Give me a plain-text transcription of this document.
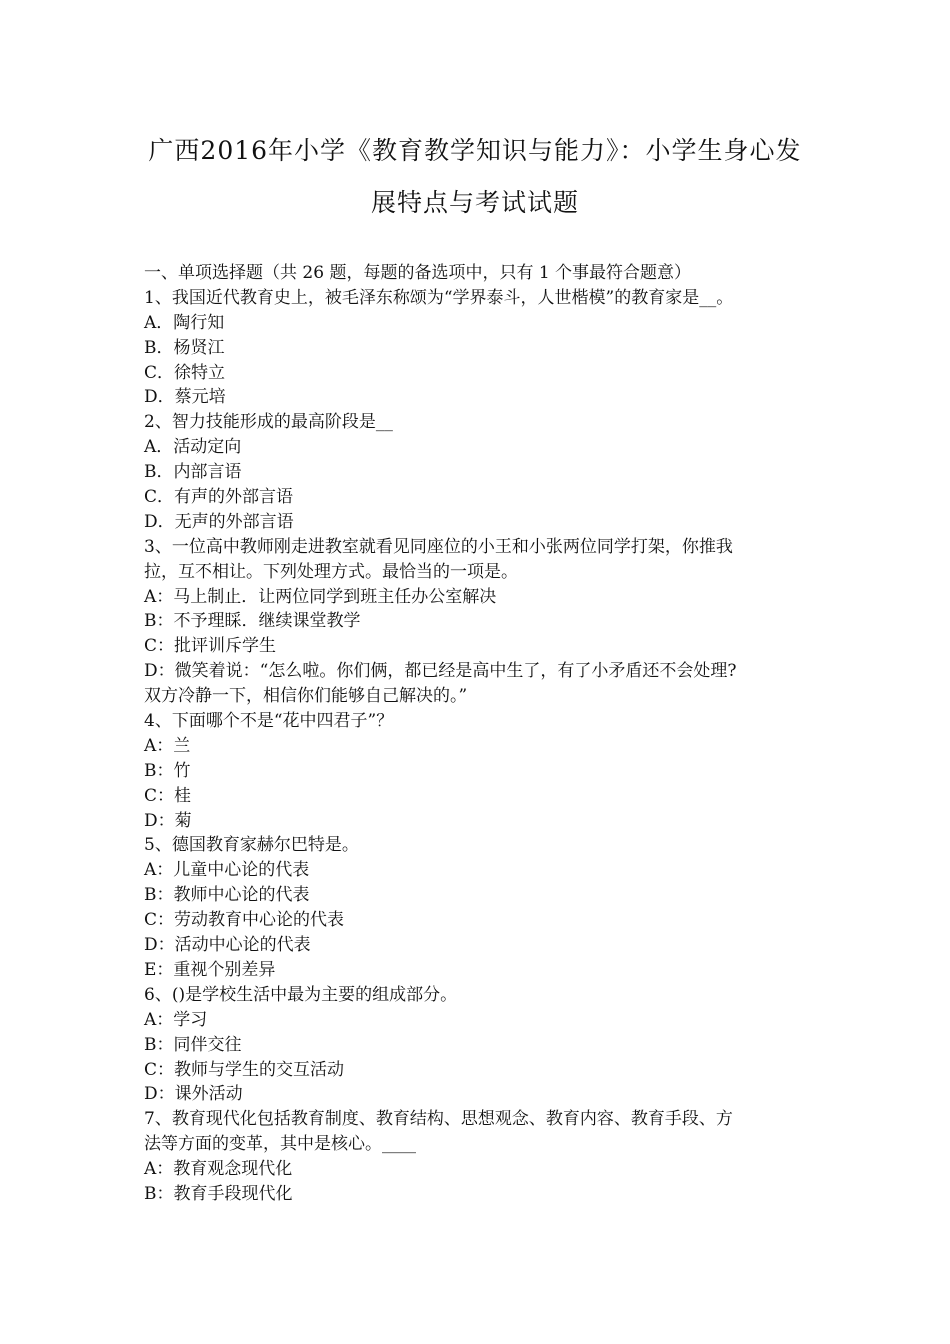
广西2016年小学《教育教学知识与能力》：小学生身心发
展特点与考试试题
一、单项选择题（共 26 题，每题的备选项中，只有 1 个事最符合题意）
1、我国近代教育史上，被毛泽东称颂为“学界泰斗，人世楷模”的教育家是__。
A．陶行知
B．杨贤江
C．徐特立
D．蔡元培
2、智力技能形成的最高阶段是__
A．活动定向
B．内部言语
C．有声的外部言语
D．无声的外部言语
3、一位高中教师刚走进教室就看见同座位的小王和小张两位同学打架，你推我
拉，互不相让。下列处理方式。最恰当的一项是。
A：马上制止．让两位同学到班主任办公室解决
B：不予理睬．继续课堂教学
C：批评训斥学生
D：微笑着说：“怎么啦。你们俩，都已经是高中生了，有了小矛盾还不会处理?
双方冷静一下，相信你们能够自己解决的。”
4、下面哪个不是“花中四君子”？
A：兰
B：竹
C：桂
D：菊
5、德国教育家赫尔巴特是。
A：儿童中心论的代表
B：教师中心论的代表
C：劳动教育中心论的代表
D：活动中心论的代表
E：重视个别差异
6、()是学校生活中最为主要的组成部分。
A：学习
B：同伴交往
C：教师与学生的交互活动
D：课外活动
7、教育现代化包括教育制度、教育结构、思想观念、教育内容、教育手段、方
法等方面的变革，其中是核心。____
A：教育观念现代化
B：教育手段现代化
